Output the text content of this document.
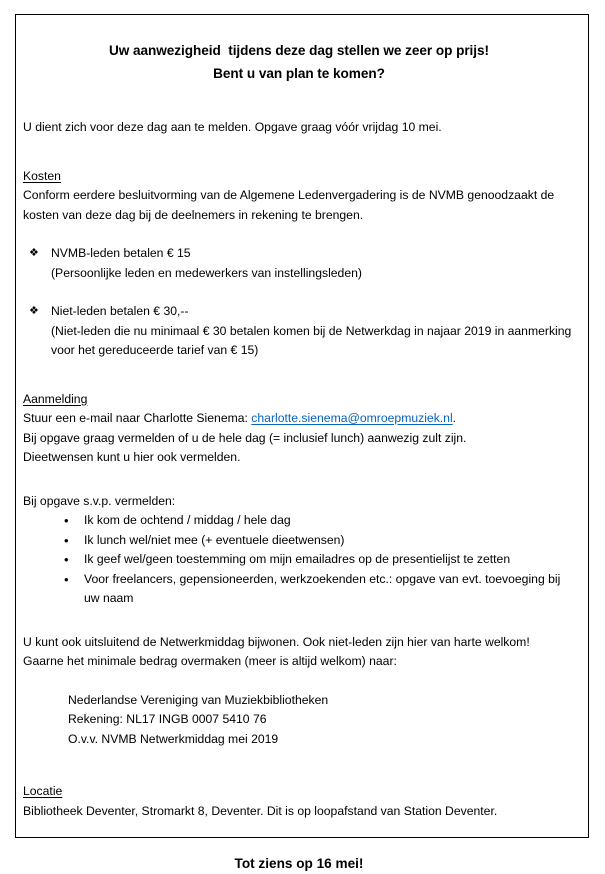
Uw aanwezigheid  tijdens deze dag stellen we zeer op prijs!
Bent u van plan te komen?

U dient zich voor deze dag aan te melden. Opgave graag vóór vrijdag 10 mei.

Kosten

Conform eerdere besluitvorming van de Algemene Ledenvergadering is de NVMB genoodzaakt de kosten van deze dag bij de deelnemers in rekening te brengen.

❖ NVMB-leden betalen € 15
(Persoonlijke leden en medewerkers van instellingsleden)
❖ Niet-leden betalen € 30,--
(Niet-leden die nu minimaal € 30 betalen komen bij de Netwerkdag in najaar 2019 in aanmerking voor het gereduceerde tarief van € 15)

Aanmelding

Stuur een e-mail naar Charlotte Sienema: charlotte.sienema@omroepmuziek.nl.

Bij opgave graag vermelden of u de hele dag (= inclusief lunch) aanwezig zult zijn.

Dieetwensen kunt u hier ook vermelden.

Bij opgave s.v.p. vermelden:

• Ik kom de ochtend / middag / hele dag
• Ik lunch wel/niet mee (+ eventuele dieetwensen)
• Ik geef wel/geen toestemming om mijn emailadres op de presentielijst te zetten
• Voor freelancers, gepensioneerden, werkzoekenden etc.: opgave van evt. toevoeging bij uw naam

U kunt ook uitsluitend de Netwerkmiddag bijwonen. Ook niet-leden zijn hier van harte welkom!

Gaarne het minimale bedrag overmaken (meer is altijd welkom) naar:

Nederlandse Vereniging van Muziekbibliotheken

Rekening: NL17 INGB 0007 5410 76

O.v.v. NVMB Netwerkmiddag mei 2019

Locatie

Bibliotheek Deventer, Stromarkt 8, Deventer. Dit is op loopafstand van Station Deventer.

Tot ziens op 16 mei!
